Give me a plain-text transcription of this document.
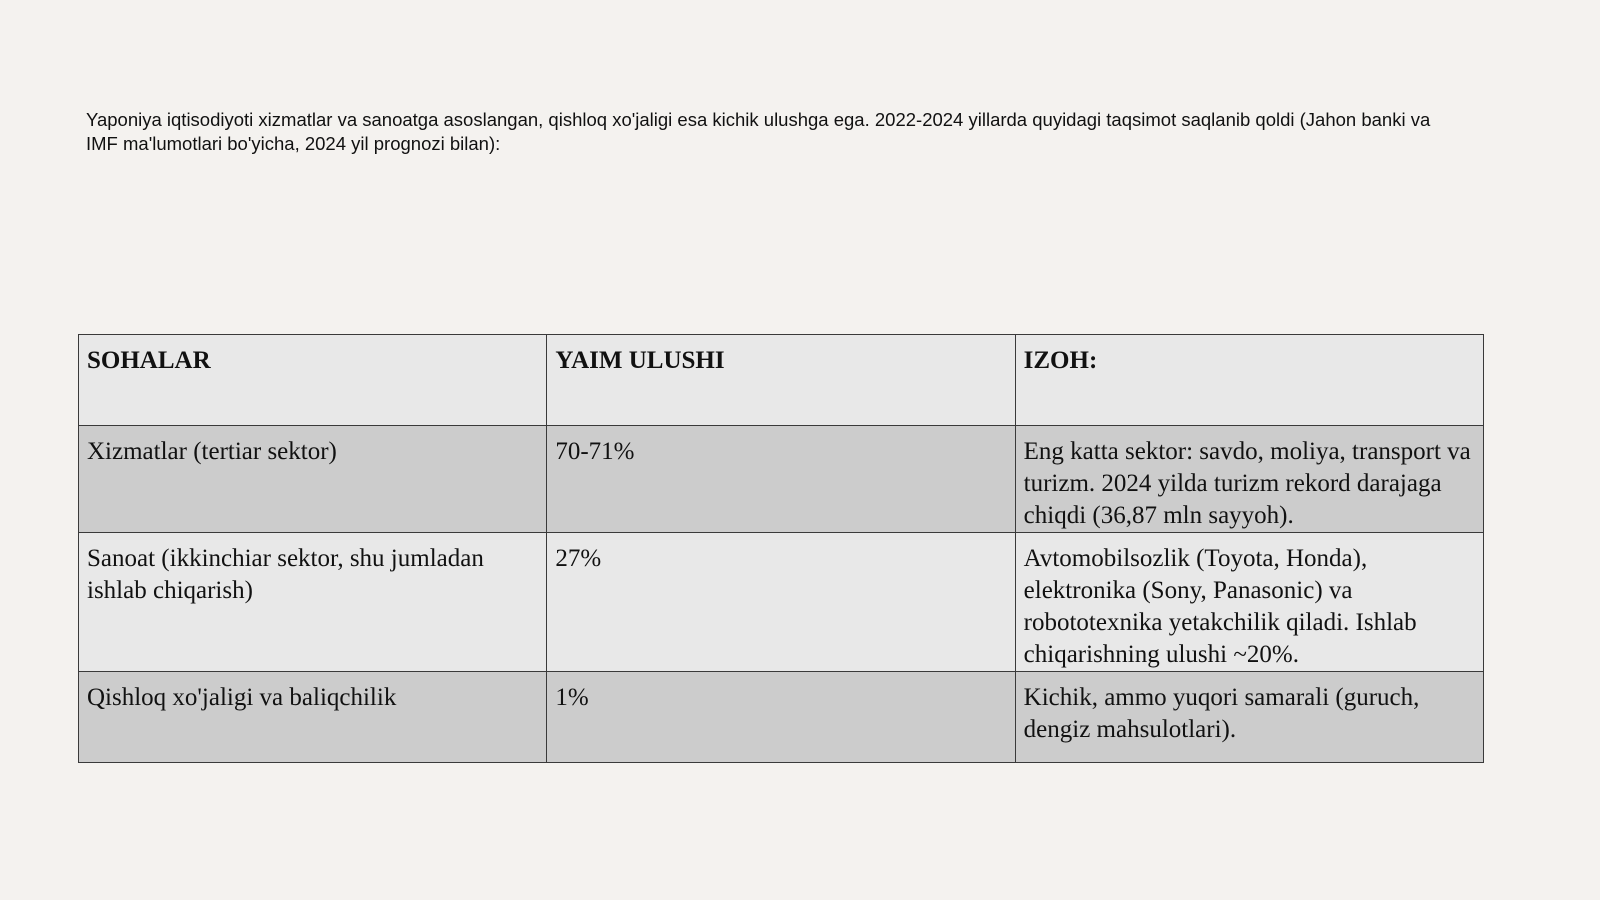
Yaponiya iqtisodiyoti xizmatlar va sanoatga asoslangan, qishloq xo'jaligi esa kichik ulushga ega. 2022-2024 yillarda quyidagi taqsimot saqlanib qoldi (Jahon banki va IMF ma'lumotlari bo'yicha, 2024 yil prognozi bilan):

SOHALAR	YAIM ULUSHI	IZOH:
Xizmatlar (tertiar sektor)	70-71%	Eng katta sektor: savdo, moliya, transport va turizm. 2024 yilda turizm rekord darajaga chiqdi (36,87 mln sayyoh).
Sanoat (ikkinchiar sektor, shu jumladan ishlab chiqarish)	27%	Avtomobilsozlik (Toyota, Honda), elektronika (Sony, Panasonic) va robototexnika yetakchilik qiladi. Ishlab chiqarishning ulushi ~20%.
Qishloq xo'jaligi va baliqchilik	1%	Kichik, ammo yuqori samarali (guruch, dengiz mahsulotlari).
